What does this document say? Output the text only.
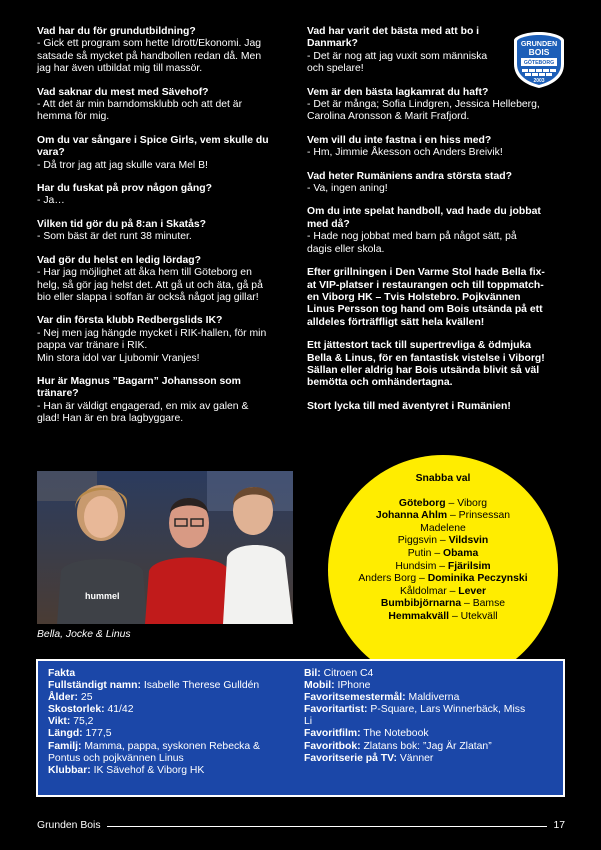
Vad har du för grundutbildning?
- Gick ett program som hette Idrott/Ekonomi. Jag
satsade så mycket på handbollen redan då. Men
jag har även utbildat mig till massör.
Vad saknar du mest med Sävehof?
- Att det är min barndomsklubb och att det är
hemma för mig.
Om du var sångare i Spice Girls, vem skulle du
vara?
- Då tror jag att jag skulle vara Mel B!
Har du fuskat på prov någon gång?
- Ja…
Vilken tid gör du på 8:an i Skatås?
- Som bäst är det runt 38 minuter.
Vad gör du helst en ledig lördag?
- Har jag möjlighet att åka hem till Göteborg en
helg, så gör jag helst det. Att gå ut och äta, gå på
bio eller slappa i soffan är också något jag gillar!
Var din första klubb Redbergslids IK?
- Nej men jag hängde mycket i RIK-hallen, för min
pappa var tränare i RIK.
Min stora idol var Ljubomir Vranjes!
Hur är Magnus ”Bagarn” Johansson som
tränare?
- Han är väldigt engagerad, en mix av galen &
glad! Han är en bra lagbyggare.
Vad har varit det bästa med att bo i
Danmark?
- Det är nog att jag vuxit som människa
och spelare!
Vem är den bästa lagkamrat du haft?
- Det är många; Sofia Lindgren, Jessica Helleberg,
Carolina Aronsson & Marit Frafjord.
Vem vill du inte fastna i en hiss med?
- Hm, Jimmie Åkesson och Anders Breivik!
Vad heter Rumäniens andra största stad?
- Va, ingen aning!
Om du inte spelat handboll, vad hade du jobbat
med då?
- Hade nog jobbat med barn på något sätt, på
dagis eller skola.
Efter grillningen i Den Varme Stol hade Bella fix-
at VIP-platser i restaurangen och till toppmatch-
en Viborg HK – Tvis Holstebro. Pojkvännen
Linus Persson tog hand om Bois utsända på ett
alldeles förträffligt sätt hela kvällen!
Ett jättestort tack till supertrevliga & ödmjuka
Bella & Linus, för en fantastisk vistelse i Viborg!
Sällan eller aldrig har Bois utsända blivit så väl
bemötta och omhändertagna.
Stort lycka till med äventyret i Rumänien!
GRUNDEN
BOIS
GÖTEBORG
2003
hummel
Bella, Jocke & Linus
Snabba val
Göteborg – Viborg
Johanna Ahlm – Prinsessan
Madelene
Piggsvin – Vildsvin
Putin – Obama
Hundsim – Fjärilsim
Anders Borg – Dominika Peczynski
Kåldolmar – Lever
Bumbibjörnarna – Bamse
Hemmakväll – Utekväll
Fakta
Fullständigt namn: Isabelle Therese Gulldén
Ålder: 25
Skostorlek: 41/42
Vikt: 75,2
Längd: 177,5
Familj: Mamma, pappa, syskonen Rebecka &
Pontus och pojkvännen Linus
Klubbar: IK Sävehof & Viborg HK
Bil: Citroen C4
Mobil: IPhone
Favoritsemestermål: Maldiverna
Favoritartist: P-Square, Lars Winnerbäck, Miss
Li
Favoritfilm: The Notebook
Favoritbok: Zlatans bok: ”Jag Är Zlatan”
Favoritserie på TV: Vänner
Grunden Bois	17
